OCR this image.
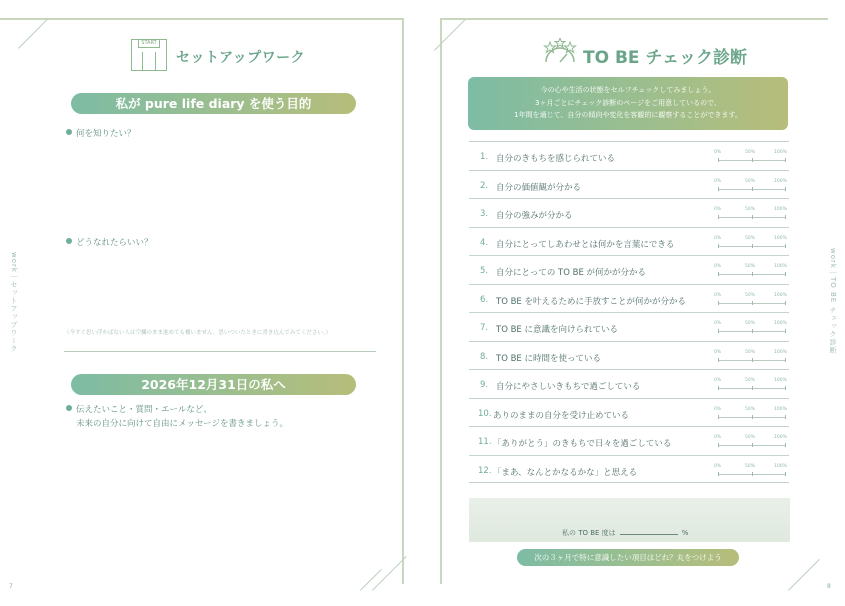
START
セットアップワーク
私が pure life diary を使う目的
何を知りたい？
どうなれたらいい？
（今すぐ思い浮かばない人は空欄のまま進めても構いません。思いついたときに書き込んでみてください。）
2026年12月31日の私へ
伝えたいこと・質問・エールなど、
未来の自分に向けて自由にメッセージを書きましょう。
work｜セットアップワーク
7
TO BE チェック診断
今の心や生活の状態をセルフチェックしてみましょう。
3ヶ月ごとにチェック診断のページをご用意しているので、
1年間を通じて、自分の傾向や変化を客観的に観察することができます。
1. 自分のきもちを感じられている
0%	50%	100%
2. 自分の価値観が分かる
0%	50%	100%
3. 自分の強みが分かる
0%	50%	100%
4. 自分にとってしあわせとは何かを言葉にできる
0%	50%	100%
5. 自分にとっての TO BE が何かが分かる
0%	50%	100%
6. TO BE を叶えるために手放すことが何かが分かる
0%	50%	100%
7. TO BE に意識を向けられている
0%	50%	100%
8. TO BE に時間を使っている
0%	50%	100%
9. 自分にやさしいきもちで過ごしている
0%	50%	100%
10. ありのままの自分を受け止めている
0%	50%	100%
11. 「ありがとう」のきもちで日々を過ごしている
0%	50%	100%
12. 「まあ、なんとかなるかな」と思える
0%	50%	100%
私の TO BE 度は	%
次の３ヶ月で特に意識したい項目はどれ？丸をつけよう
work｜TO BE チェック診断
8
